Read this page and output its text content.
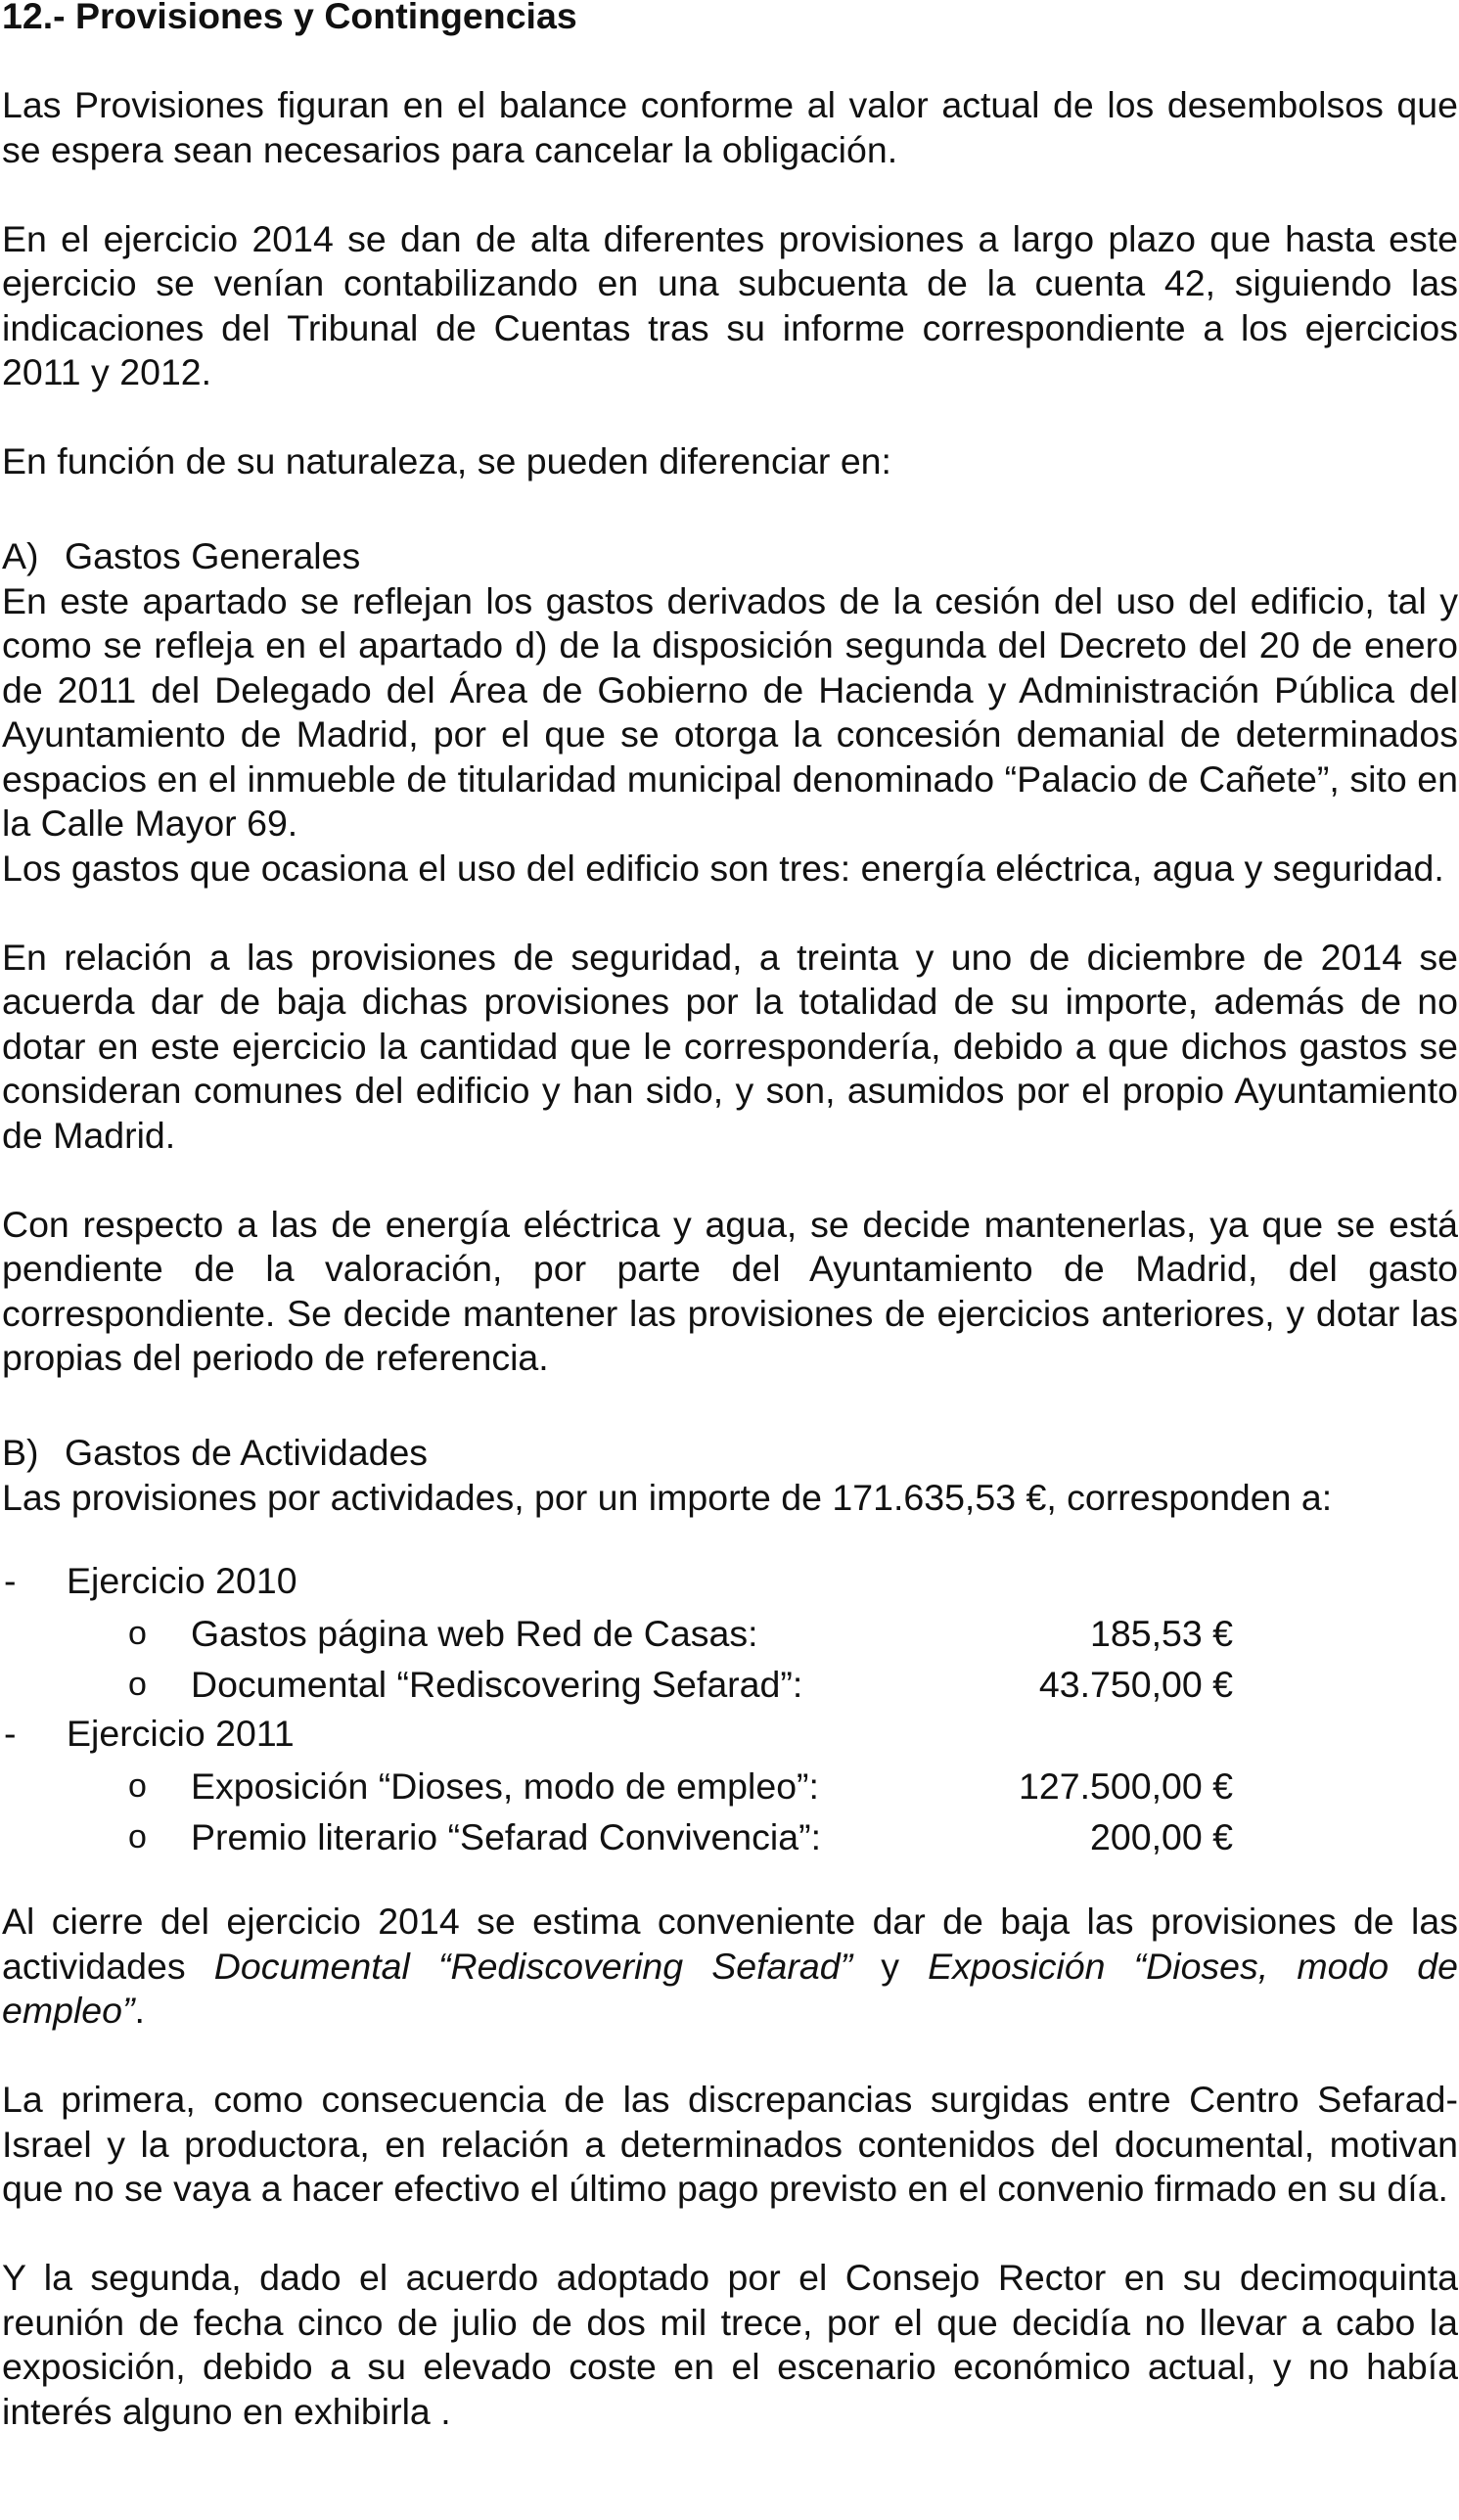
12.- Provisiones y Contingencias

Las Provisiones figuran en el balance conforme al valor actual de los desembolsos que se espera sean necesarios para cancelar la obligación.

En el ejercicio 2014 se dan de alta diferentes provisiones a largo plazo que hasta este ejercicio se venían contabilizando en una subcuenta de la cuenta 42, siguiendo las indicaciones del Tribunal de Cuentas tras su informe correspondiente a los ejercicios 2011 y 2012.

En función de su naturaleza, se pueden diferenciar en:

A) Gastos Generales

En este apartado se reflejan los gastos derivados de la cesión del uso del edificio, tal y como se refleja en el apartado d) de la disposición segunda del Decreto del 20 de enero de 2011 del Delegado del Área de Gobierno de Hacienda y Administración Pública del Ayuntamiento de Madrid, por el que se otorga la concesión demanial de determinados espacios en el inmueble de titularidad municipal denominado “Palacio de Cañete”, sito en la Calle Mayor 69.

Los gastos que ocasiona el uso del edificio son tres: energía eléctrica, agua y seguridad.

En relación a las provisiones de seguridad, a treinta y uno de diciembre de 2014 se acuerda dar de baja dichas provisiones por la totalidad de su importe, además de no dotar en este ejercicio la cantidad que le correspondería, debido a que dichos gastos se consideran comunes del edificio y han sido, y son, asumidos por el propio Ayuntamiento de Madrid.

Con respecto a las de energía eléctrica y agua, se decide mantenerlas, ya que se está pendiente de la valoración, por parte del Ayuntamiento de Madrid, del gasto correspondiente. Se decide mantener las provisiones de ejercicios anteriores, y dotar las propias del periodo de referencia.

B) Gastos de Actividades

Las provisiones por actividades, por un importe de 171.635,53 €, corresponden a:

-	Ejercicio 2010
o	Gastos página web Red de Casas:	185,53 €
o	Documental “Rediscovering Sefarad”:	43.750,00 €
-	Ejercicio 2011
o	Exposición “Dioses, modo de empleo”:	127.500,00 €
o	Premio literario “Sefarad Convivencia”:	200,00 €

Al cierre del ejercicio 2014 se estima conveniente dar de baja las provisiones de las actividades Documental “Rediscovering Sefarad” y Exposición “Dioses, modo de empleo”.

La primera, como consecuencia de las discrepancias surgidas entre Centro Sefarad-Israel y la productora, en relación a determinados contenidos del documental, motivan que no se vaya a hacer efectivo el último pago previsto en el convenio firmado en su día.

Y la segunda, dado el acuerdo adoptado por el Consejo Rector en su decimoquinta reunión de fecha cinco de julio de dos mil trece, por el que decidía no llevar a cabo la exposición, debido a su elevado coste en el escenario económico actual, y no había interés alguno en exhibirla .
